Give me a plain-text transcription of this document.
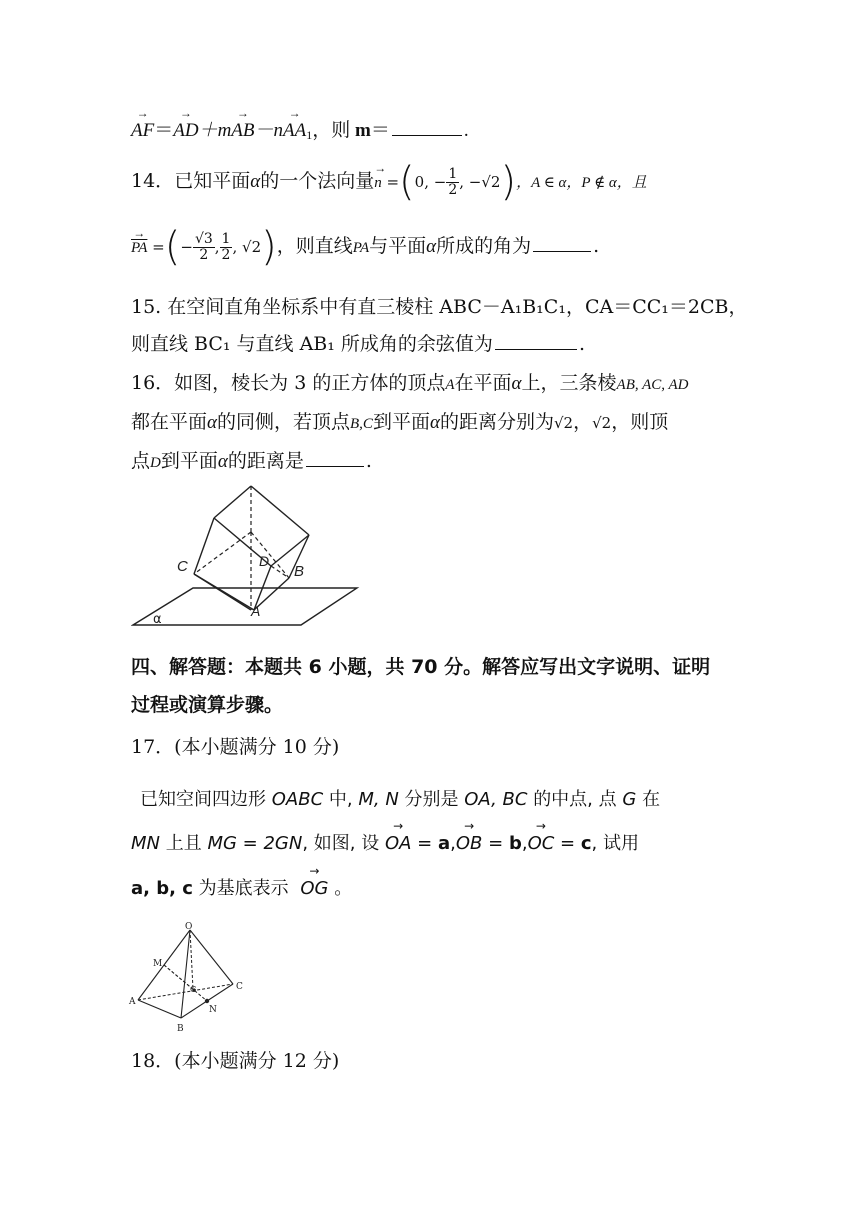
→ $AF=\to AD+m\to AB-n\to AA_1$，则 m＝	.
14．已知平面α的一个法向量→ n =(0, − $\frac{1}{2}$ , −√2)，A ∈ α，P ∉ α，且
→ $\overline{PA}$ =(− $\frac{√3}{2}$ , $\frac{1}{2}$ , √2)，则直线PA与平面α所成的角为	.
15. 在空间直角坐标系中有直三棱柱 ABC－A₁B₁C₁，CA＝CC₁＝2CB，
则直线 BC₁ 与直线 AB₁ 所成角的余弦值为	.
16．如图，棱长为 3 的正方体的顶点A在平面α上，三条棱AB, AC, AD
都在平面α的同侧，若顶点B,C到平面α的距离分别为√2，√2，则顶
点D到平面α的距离是	.
C	D
B
A
α
四、解答题：本题共 6 小题，共 70 分。解答应写出文字说明、证明
过程或演算步骤。
17．(本小题满分 10 分)
已知空间四边形 OABC 中, M, N 分别是 OA, BC 的中点, 点 G 在
MN 上且 MG = 2GN, 如图, 设 → OA = a,→ OB = b,→ OC = c, 试用
a, b, c 为基底表示 → OG 。
O
M
A
G	C
N
B
18．(本小题满分 12 分)
